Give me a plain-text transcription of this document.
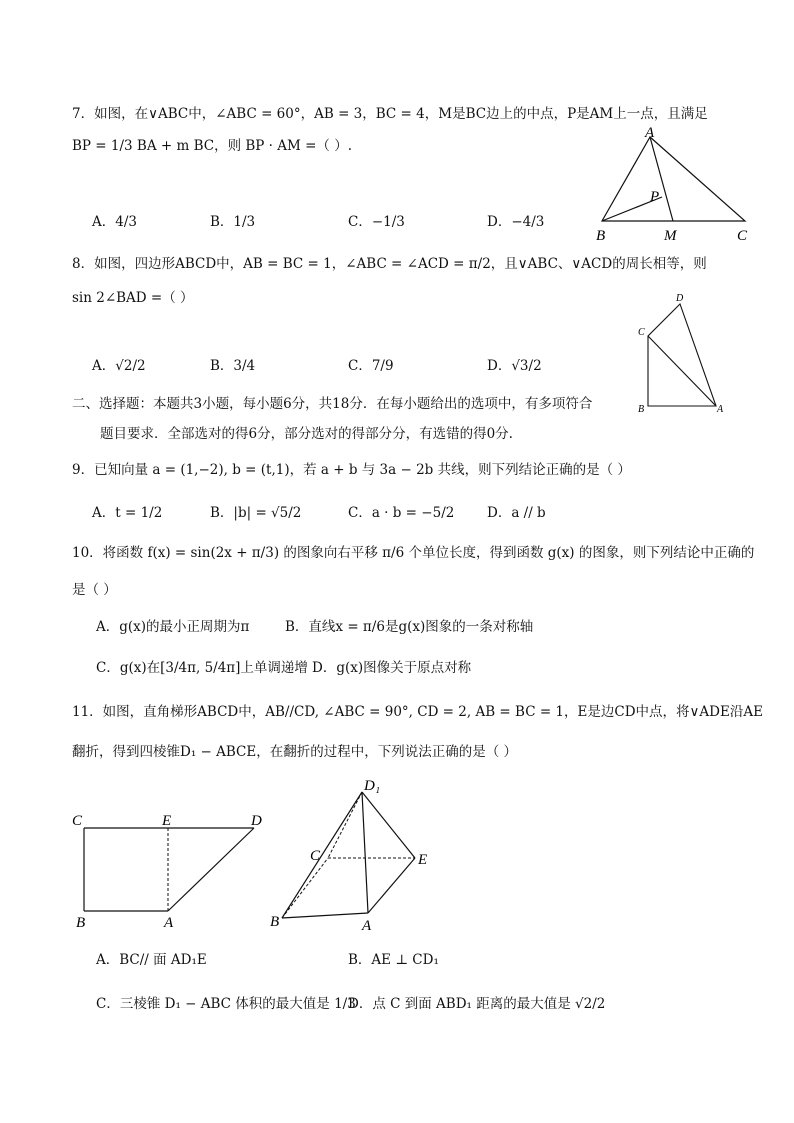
7．如图，在∨ABC中，∠ABC = 60°，AB = 3，BC = 4，M是BC边上的中点，P是AM上一点，且满足
BP = 1/3 BA + m BC，则 BP · AM =（ ）.
A．4/3	B．1/3	C．−1/3	D．−4/3
A
P
B	M	C
8．如图，四边形ABCD中，AB = BC = 1，∠ABC = ∠ACD = π/2，且∨ABC、∨ACD的周长相等，则
sin 2∠BAD =（ ）
A．√2/2	B．3/4	C．7/9	D．√3/2
D
C
B	A
二、选择题：本题共3小题，每小题6分，共18分．在每小题给出的选项中，有多项符合
题目要求．全部选对的得6分，部分选对的得部分分，有选错的得0分.
9．已知向量 a = (1,−2), b = (t,1)，若 a + b 与 3a − 2b 共线，则下列结论正确的是（ ）
A．t = 1/2	B．|b| = √5/2	C．a · b = −5/2 D．a // b
10．将函数 f(x) = sin(2x + π/3) 的图象向右平移 π/6 个单位长度，得到函数 g(x) 的图象，则下列结论中正确的
是（ ）
A．g(x)的最小正周期为π	B．直线x = π/6是g(x)图象的一条对称轴
C．g(x)在[3/4π, 5/4π]上单调递增 D．g(x)图像关于原点对称
11．如图，直角梯形ABCD中，AB//CD, ∠ABC = 90°, CD = 2, AB = BC = 1，E是边CD中点，将∨ADE沿AE
翻折，得到四棱锥D₁ − ABCE，在翻折的过程中，下列说法正确的是（ ）
C	E	D
B	A
D₁
C	E
B	A
A．BC// 面 AD₁E	B．AE ⊥ CD₁
C．三棱锥 D₁ − ABC 体积的最大值是 1/3
D．点 C 到面 ABD₁ 距离的最大值是 √2/2
